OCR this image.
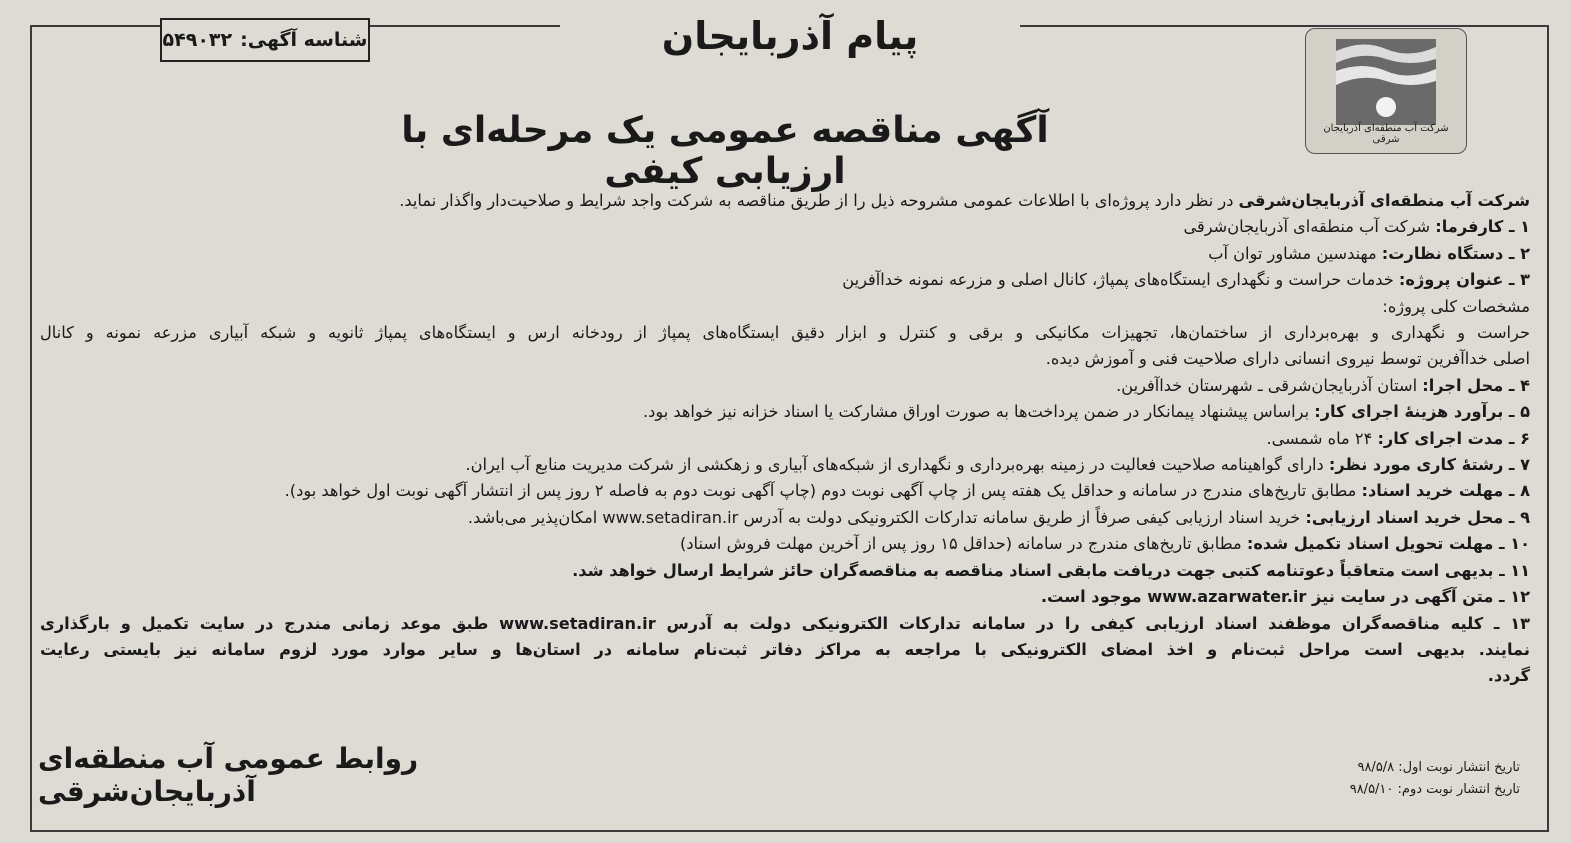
شناسه آگهی:
۵۴۹۰۳۲	پیام آذربایجان
شرکت آب منطقه‌ای آذربایجان شرقی
آگهی مناقصه عمومی یک مرحله‌ای با ارزیابی کیفی

شرکت آب منطقه‌ای آذربایجان‌شرقی در نظر دارد پروژه‌ای با اطلاعات عمومی مشروحه ذیل را از طریق مناقصه به شرکت واجد شرایط و صلاحیت‌دار واگذار نماید.

۱ ـ کارفرما: شرکت آب منطقه‌ای آذربایجان‌شرقی

۲ ـ دستگاه نظارت: مهندسین مشاور توان آب

۳ ـ عنوان پروژه: خدمات حراست و نگهداری ایستگاه‌های پمپاژ، کانال اصلی و مزرعه نمونه خداآفرین

مشخصات کلی پروژه:

حراست و نگهداری و بهره‌برداری از ساختمان‌ها، تجهیزات مکانیکی و برقی و کنترل و ابزار دقیق ایستگاه‌های پمپاژ از رودخانه ارس و ایستگاه‌های پمپاژ ثانویه و شبکه آبیاری مزرعه نمونه و کانال

اصلی خداآفرین توسط نیروی انسانی دارای صلاحیت فنی و آموزش دیده.

۴ ـ محل اجرا: استان آذربایجان‌شرقی ـ شهرستان خداآفرین.

۵ ـ برآورد هزینۀ اجرای کار: براساس پیشنهاد پیمانکار در ضمن پرداخت‌ها به صورت اوراق مشارکت یا اسناد خزانه نیز خواهد بود.

۶ ـ مدت اجرای کار: ۲۴ ماه شمسی.

۷ ـ رشتۀ کاری مورد نظر: دارای گواهینامه صلاحیت فعالیت در زمینه بهره‌برداری و نگهداری از شبکه‌های آبیاری و زهکشی از شرکت مدیریت منابع آب ایران.

۸ ـ مهلت خرید اسناد: مطابق تاریخ‌های مندرج در سامانه و حداقل یک هفته پس از چاپ آگهی نوبت دوم (چاپ آگهی نوبت دوم به فاصله ۲ روز پس از انتشار آگهی نوبت اول خواهد بود).

۹ ـ محل خرید اسناد ارزیابی: خرید اسناد ارزیابی کیفی صرفاً از طریق سامانه تدارکات الکترونیکی دولت به آدرس www.setadiran.ir امکان‌پذیر می‌باشد.

۱۰ ـ مهلت تحویل اسناد تکمیل شده: مطابق تاریخ‌های مندرج در سامانه (حداقل ۱۵ روز پس از آخرین مهلت فروش اسناد)

۱۱ ـ بدیهی است متعاقباً دعوتنامه کتبی جهت دریافت مابقی اسناد مناقصه به مناقصه‌گران حائز شرایط ارسال خواهد شد.

۱۲ ـ متن آگهی در سایت نیز www.azarwater.ir موجود است.

۱۳ ـ کلیه مناقصه‌گران موظفند اسناد ارزیابی کیفی را در سامانه تدارکات الکترونیکی دولت به آدرس www.setadiran.ir طبق موعد زمانی مندرج در سایت تکمیل و بارگذاری

نمایند. بدیهی است مراحل ثبت‌نام و اخذ امضای الکترونیکی با مراجعه به مراکز دفاتر ثبت‌نام سامانه در استان‌ها و سایر موارد مورد لزوم سامانه نیز بایستی رعایت

گردد.

روابط عمومی آب منطقه‌ای آذربایجان‌شرقی
تاریخ انتشار نوبت اول: ۹۸/۵/۸
تاریخ انتشار نوبت دوم: ۹۸/۵/۱۰
